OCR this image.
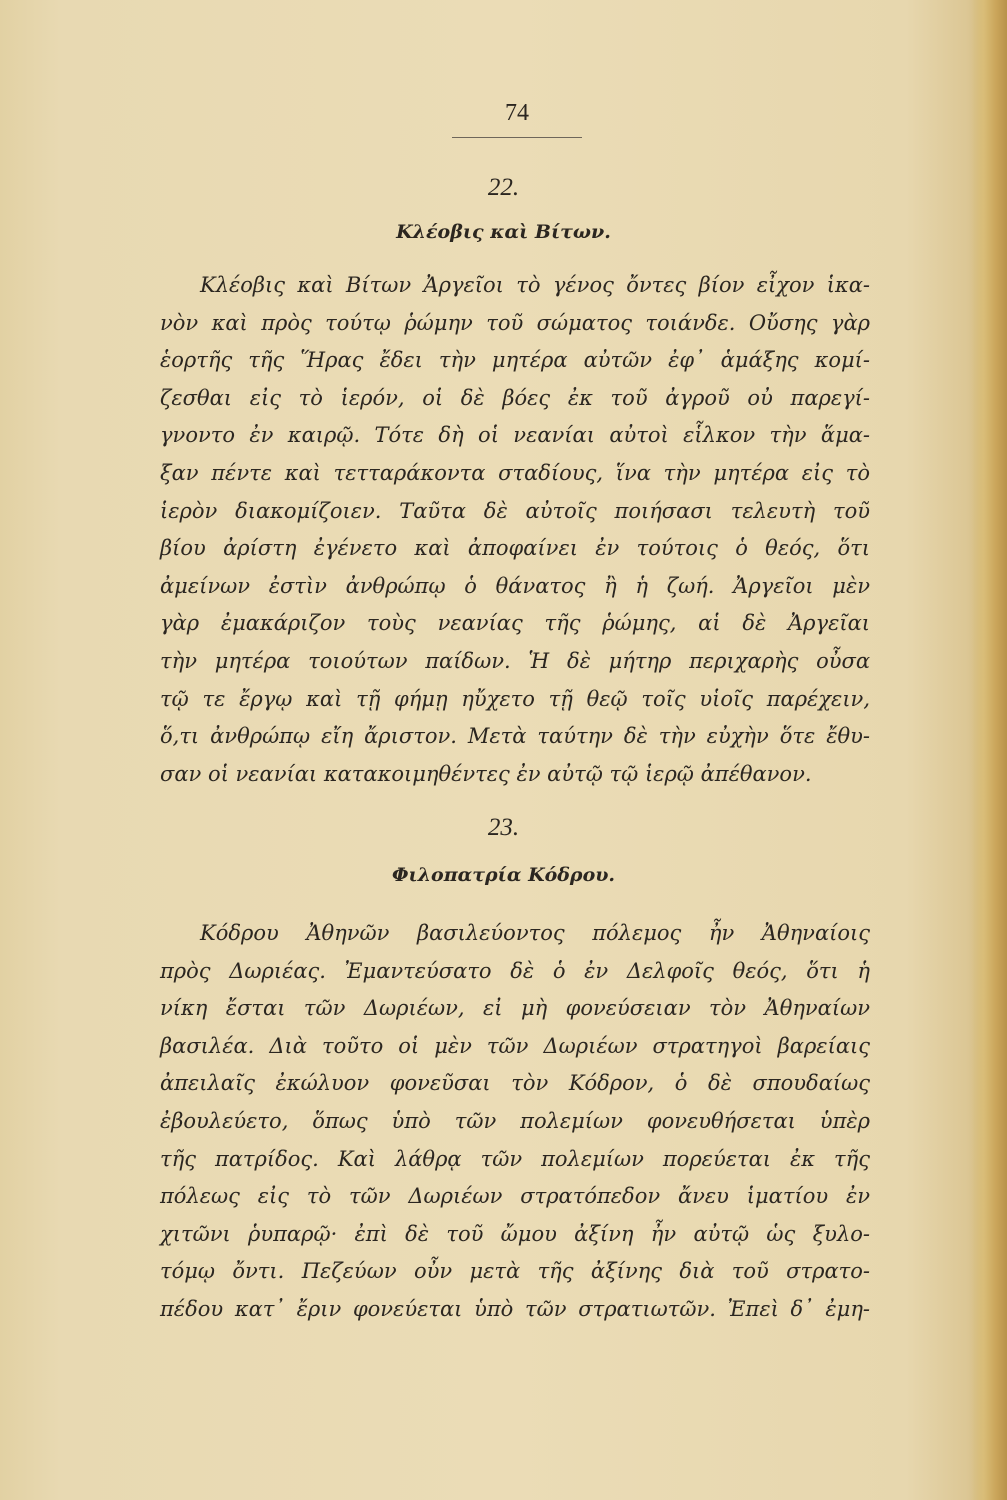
74
22.
Κλέοβις καὶ Βίτων.
Κλέοβις καὶ Βίτων Ἀργεῖοι τὸ γένος ὄντες βίον εἶχον ἱκα-
νὸν καὶ πρὸς τούτῳ ῥώμην τοῦ σώματος τοιάνδε. Οὔσης γὰρ
ἑορτῆς τῆς Ἥρας ἔδει τὴν μητέρα αὐτῶν ἐφ᾽ ἁμάξης κομί-
ζεσθαι εἰς τὸ ἱερόν, οἱ δὲ βόες ἐκ τοῦ ἀγροῦ οὐ παρεγί-
γνοντο ἐν καιρῷ. Τότε δὴ οἱ νεανίαι αὐτοὶ εἷλκον τὴν ἅμα-
ξαν πέντε καὶ τετταράκοντα σταδίους, ἵνα τὴν μητέρα εἰς τὸ
ἱερὸν διακομίζοιεν. Ταῦτα δὲ αὐτοῖς ποιήσασι τελευτὴ τοῦ
βίου ἀρίστη ἐγένετο καὶ ἀποφαίνει ἐν τούτοις ὁ θεός, ὅτι
ἀμείνων ἐστὶν ἀνθρώπῳ ὁ θάνατος ἢ ἡ ζωή. Ἀργεῖοι μὲν
γὰρ ἐμακάριζον τοὺς νεανίας τῆς ῥώμης, αἱ δὲ Ἀργεῖαι
τὴν μητέρα τοιούτων παίδων. Ἡ δὲ μήτηρ περιχαρὴς οὖσα
τῷ τε ἔργῳ καὶ τῇ φήμῃ ηὔχετο τῇ θεῷ τοῖς υἱοῖς παρέχειν,
ὅ,τι ἀνθρώπῳ εἴη ἄριστον. Μετὰ ταύτην δὲ τὴν εὐχὴν ὅτε ἔθυ-
σαν οἱ νεανίαι κατακοιμηθέντες ἐν αὐτῷ τῷ ἱερῷ ἀπέθανον.
23.
Φιλοπατρία Κόδρου.
Κόδρου Ἀθηνῶν βασιλεύοντος πόλεμος ἦν Ἀθηναίοις
πρὸς Δωριέας. Ἐμαντεύσατο δὲ ὁ ἐν Δελφοῖς θεός, ὅτι ἡ
νίκη ἔσται τῶν Δωριέων, εἰ μὴ φονεύσειαν τὸν Ἀθηναίων
βασιλέα. Διὰ τοῦτο οἱ μὲν τῶν Δωριέων στρατηγοὶ βαρείαις
ἀπειλαῖς ἐκώλυον φονεῦσαι τὸν Κόδρον, ὁ δὲ σπουδαίως
ἐβουλεύετο, ὅπως ὑπὸ τῶν πολεμίων φονευθήσεται ὑπὲρ
τῆς πατρίδος. Καὶ λάθρᾳ τῶν πολεμίων πορεύεται ἐκ τῆς
πόλεως εἰς τὸ τῶν Δωριέων στρατόπεδον ἄνευ ἱματίου ἐν
χιτῶνι ῥυπαρῷ· ἐπὶ δὲ τοῦ ὤμου ἀξίνη ἦν αὐτῷ ὡς ξυλο-
τόμῳ ὄντι. Πεζεύων οὖν μετὰ τῆς ἀξίνης διὰ τοῦ στρατο-
πέδου κατ᾽ ἔριν φονεύεται ὑπὸ τῶν στρατιωτῶν. Ἐπεὶ δ᾽ ἐμη-
